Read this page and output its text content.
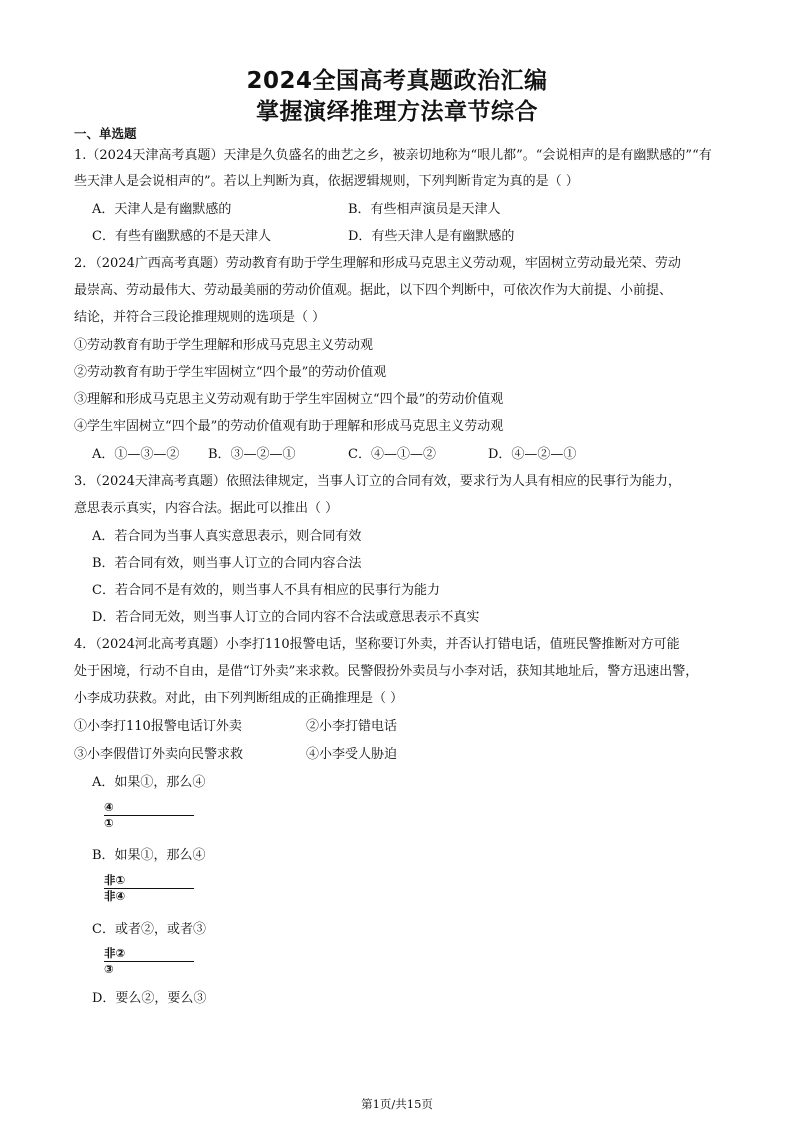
2024全国高考真题政治汇编
掌握演绎推理方法章节综合
一、单选题
1.（2024天津高考真题）天津是久负盛名的曲艺之乡，被亲切地称为“哏儿都”。“会说相声的是有幽默感的”“有
些天津人是会说相声的”。若以上判断为真，依据逻辑规则，下列判断肯定为真的是（ ）
A．天津人是有幽默感的	B．有些相声演员是天津人
C．有些有幽默感的不是天津人	D．有些天津人是有幽默感的
2．（2024广西高考真题）劳动教育有助于学生理解和形成马克思主义劳动观，牢固树立劳动最光荣、劳动
最崇高、劳动最伟大、劳动最美丽的劳动价值观。据此，以下四个判断中，可依次作为大前提、小前提、
结论，并符合三段论推理规则的选项是（ ）
①劳动教育有助于学生理解和形成马克思主义劳动观
②劳动教育有助于学生牢固树立“四个最”的劳动价值观
③理解和形成马克思主义劳动观有助于学生牢固树立“四个最”的劳动价值观
④学生牢固树立“四个最”的劳动价值观有助于理解和形成马克思主义劳动观
A．①—③—② B．③—②—①	C．④—①—②	D．④—②—①
3．（2024天津高考真题）依照法律规定，当事人订立的合同有效，要求行为人具有相应的民事行为能力，
意思表示真实，内容合法。据此可以推出（ ）
A．若合同为当事人真实意思表示，则合同有效
B．若合同有效，则当事人订立的合同内容合法
C．若合同不是有效的，则当事人不具有相应的民事行为能力
D．若合同无效，则当事人订立的合同内容不合法或意思表示不真实
4．（2024河北高考真题）小李打110报警电话，坚称要订外卖，并否认打错电话，值班民警推断对方可能
处于困境，行动不自由，是借“订外卖”来求救。民警假扮外卖员与小李对话，获知其地址后，警方迅速出警，
小李成功获救。对此，由下列判断组成的正确推理是（ ）
①小李打110报警电话订外卖	②小李打错电话
③小李假借订外卖向民警求救	④小李受人胁迫
A．如果①，那么④
④
①
B．如果①，那么④
非①
非④
C．或者②，或者③
非②
③
D．要么②，要么③
第1页/共15页
